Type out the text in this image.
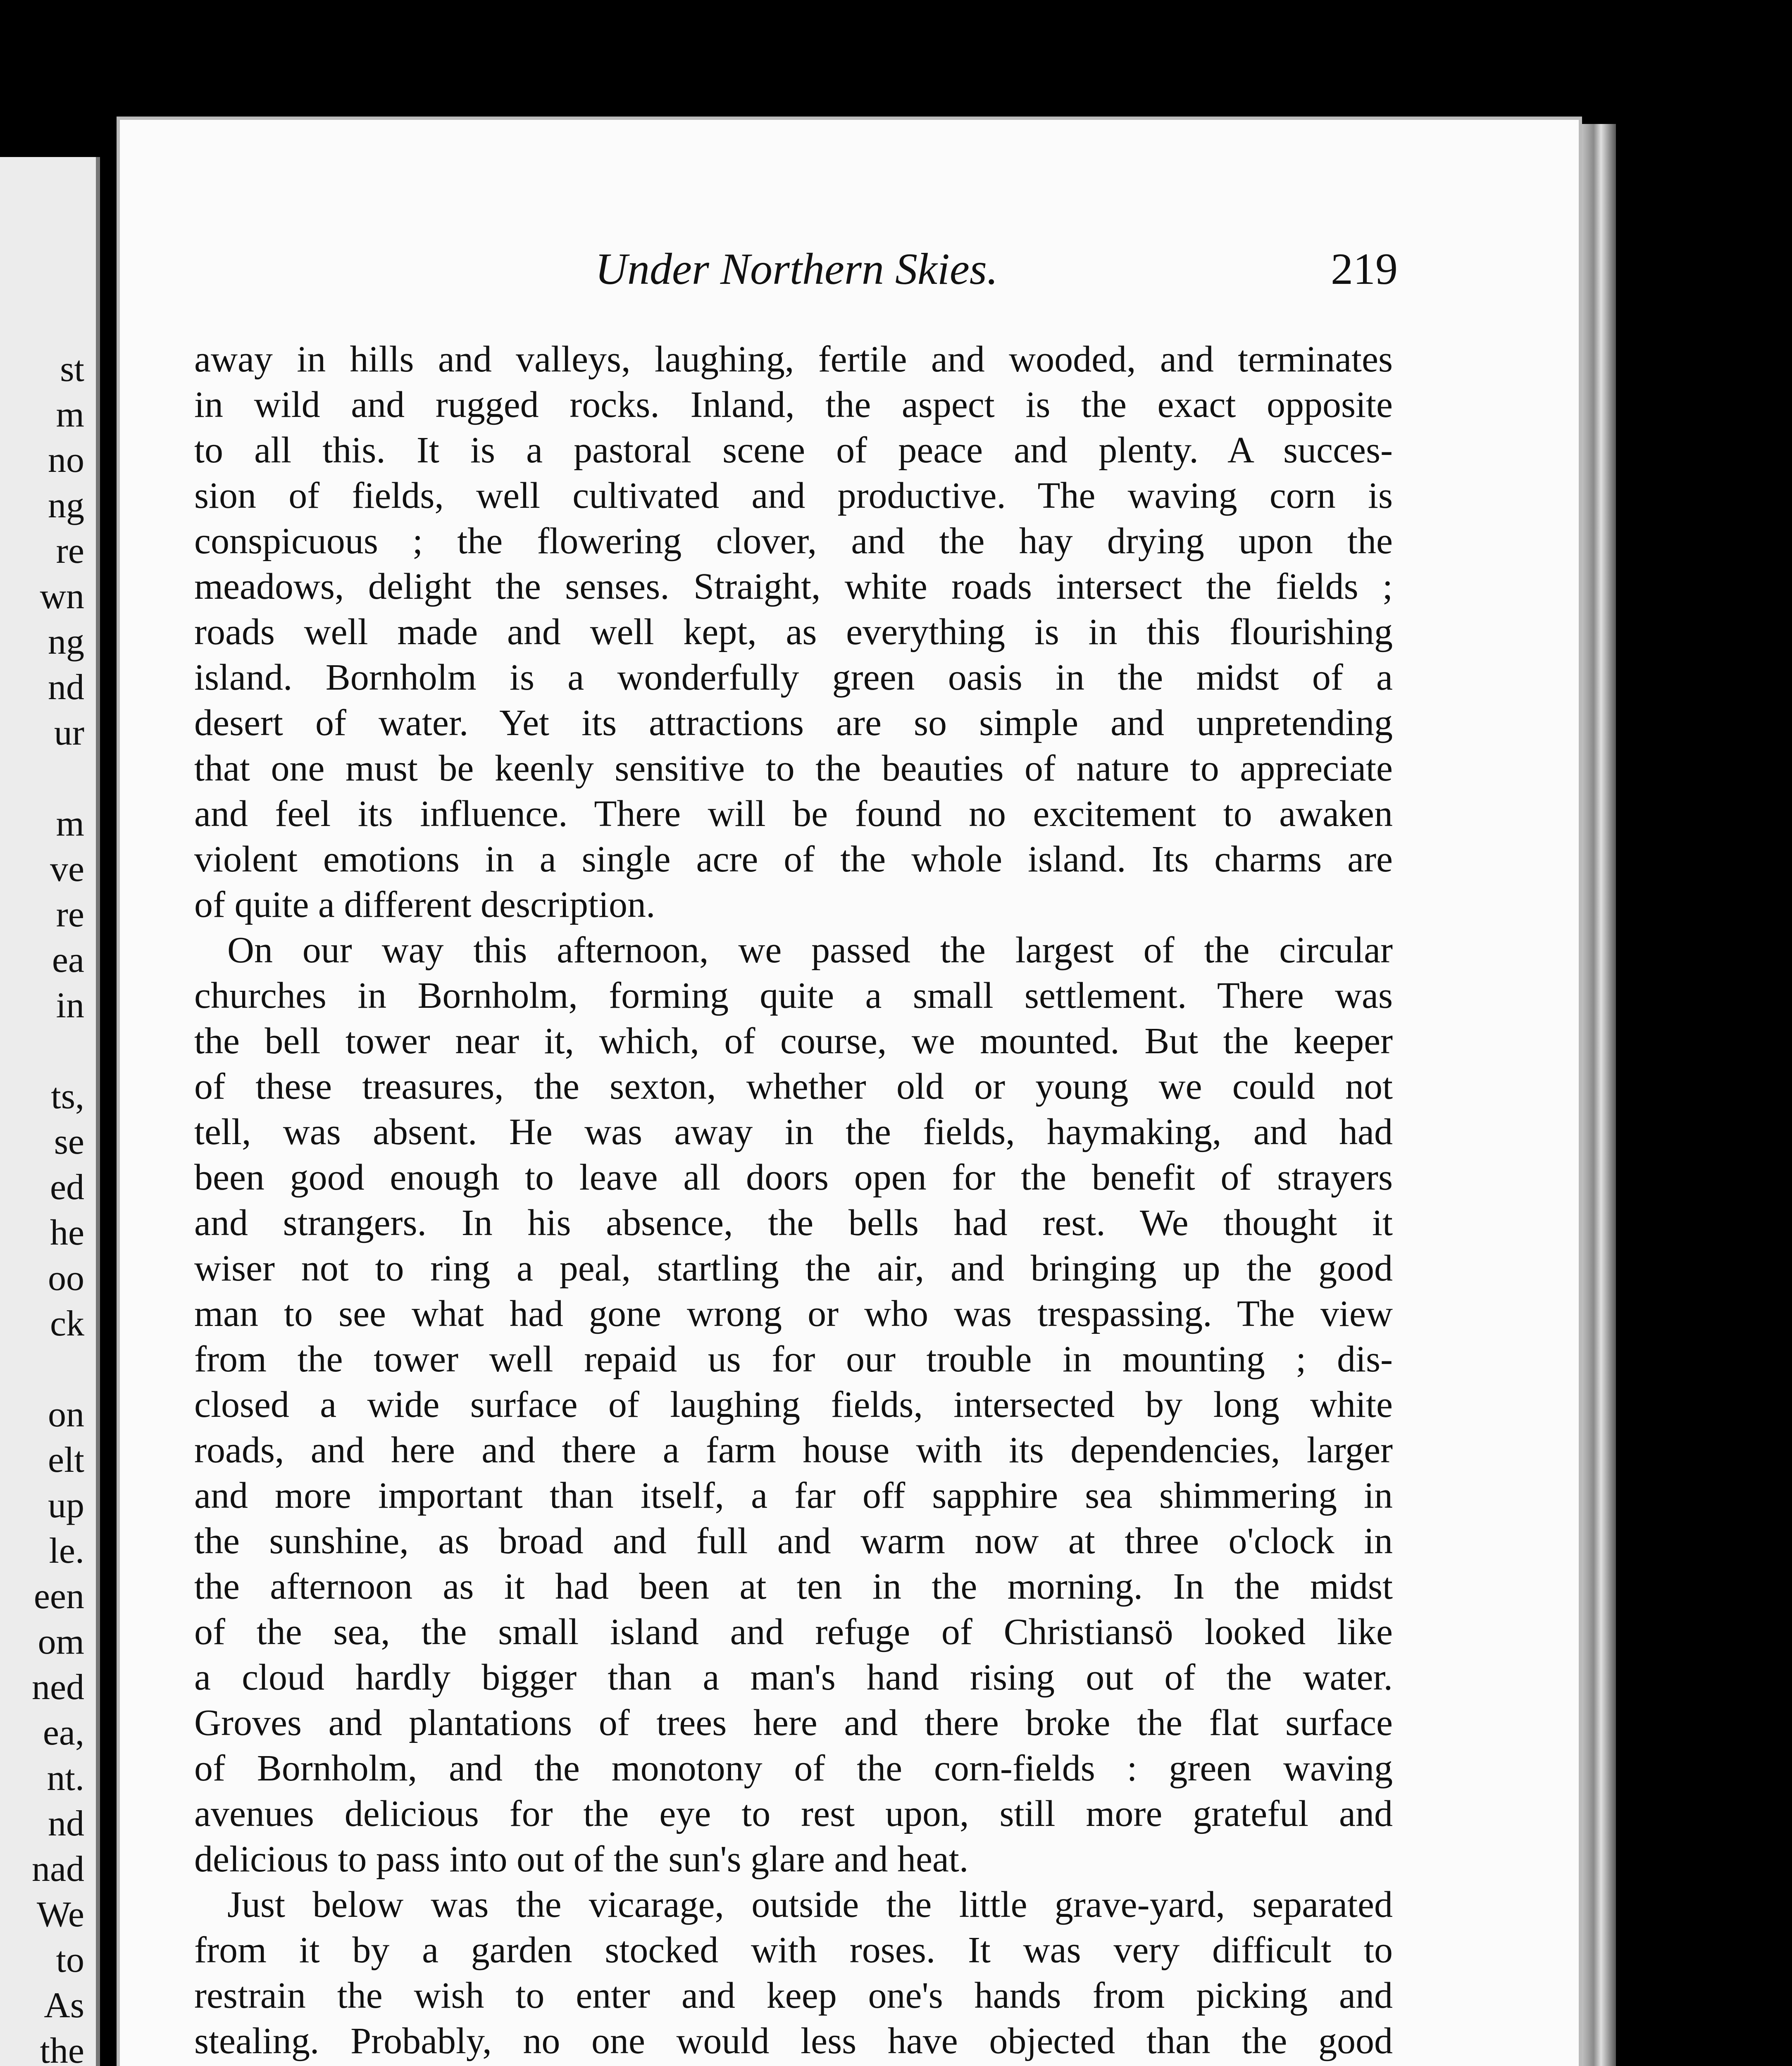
st
m
no
ng
re
wn
ng
nd
ur
m
ve
re
ea
in
ts,
se
ed
he
oo
ck
on
elt
up
le.
een
om
ned
ea,
nt.
nd
nad
We
to
As
the
Under Northern Skies.	219
away in hills and valleys, laughing, fertile and wooded, and terminates
in wild and rugged rocks. Inland, the aspect is the exact opposite
to all this. It is a pastoral scene of peace and plenty. A succes-
sion of fields, well cultivated and productive. The waving corn is
conspicuous ; the flowering clover, and the hay drying upon the
meadows, delight the senses. Straight, white roads intersect the fields ;
roads well made and well kept, as everything is in this flourishing
island. Bornholm is a wonderfully green oasis in the midst of a
desert of water. Yet its attractions are so simple and unpretending
that one must be keenly sensitive to the beauties of nature to appreciate
and feel its influence. There will be found no excitement to awaken
violent emotions in a single acre of the whole island. Its charms are
of quite a different description.
On our way this afternoon, we passed the largest of the circular
churches in Bornholm, forming quite a small settlement. There was
the bell tower near it, which, of course, we mounted. But the keeper
of these treasures, the sexton, whether old or young we could not
tell, was absent. He was away in the fields, haymaking, and had
been good enough to leave all doors open for the benefit of strayers
and strangers. In his absence, the bells had rest. We thought it
wiser not to ring a peal, startling the air, and bringing up the good
man to see what had gone wrong or who was trespassing. The view
from the tower well repaid us for our trouble in mounting ; dis-
closed a wide surface of laughing fields, intersected by long white
roads, and here and there a farm house with its dependencies, larger
and more important than itself, a far off sapphire sea shimmering in
the sunshine, as broad and full and warm now at three o'clock in
the afternoon as it had been at ten in the morning. In the midst
of the sea, the small island and refuge of Christiansö looked like
a cloud hardly bigger than a man's hand rising out of the water.
Groves and plantations of trees here and there broke the flat surface
of Bornholm, and the monotony of the corn-fields : green waving
avenues delicious for the eye to rest upon, still more grateful and
delicious to pass into out of the sun's glare and heat.
Just below was the vicarage, outside the little grave-yard, separated
from it by a garden stocked with roses. It was very difficult to
restrain the wish to enter and keep one's hands from picking and
stealing. Probably, no one would less have objected than the good
